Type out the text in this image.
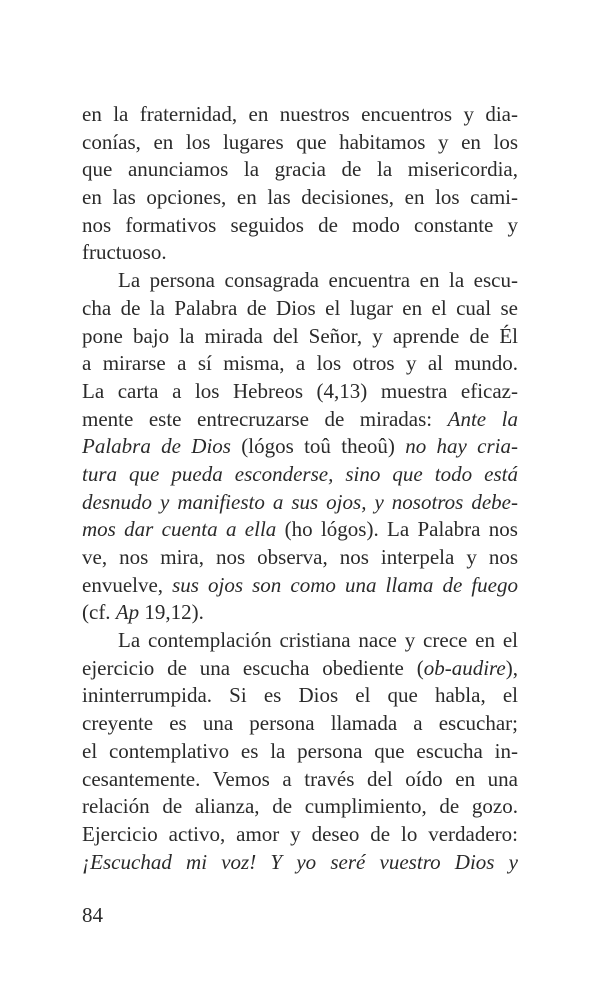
en la fraternidad, en nuestros encuentros y dia-
conías, en los lugares que habitamos y en los
que anunciamos la gracia de la misericordia,
en las opciones, en las decisiones, en los cami-
nos formativos seguidos de modo constante y
fructuoso.
La persona consagrada encuentra en la escu-
cha de la Palabra de Dios el lugar en el cual se
pone bajo la mirada del Señor, y aprende de Él
a mirarse a sí misma, a los otros y al mundo.
La carta a los Hebreos (4,13) muestra eficaz-
mente este entrecruzarse de miradas: Ante la
Palabra de Dios (lógos toû theoû) no hay cria-
tura que pueda esconderse, sino que todo está
desnudo y manifiesto a sus ojos, y nosotros debe-
mos dar cuenta a ella (ho lógos). La Palabra nos
ve, nos mira, nos observa, nos interpela y nos
envuelve, sus ojos son como una llama de fuego
(cf. Ap 19,12).
La contemplación cristiana nace y crece en el
ejercicio de una escucha obediente (ob-audire),
ininterrumpida. Si es Dios el que habla, el
creyente es una persona llamada a escuchar;
el contemplativo es la persona que escucha in-
cesantemente. Vemos a través del oído en una
relación de alianza, de cumplimiento, de gozo.
Ejercicio activo, amor y deseo de lo verdadero:
¡Escuchad mi voz! Y yo seré vuestro Dios y
84
